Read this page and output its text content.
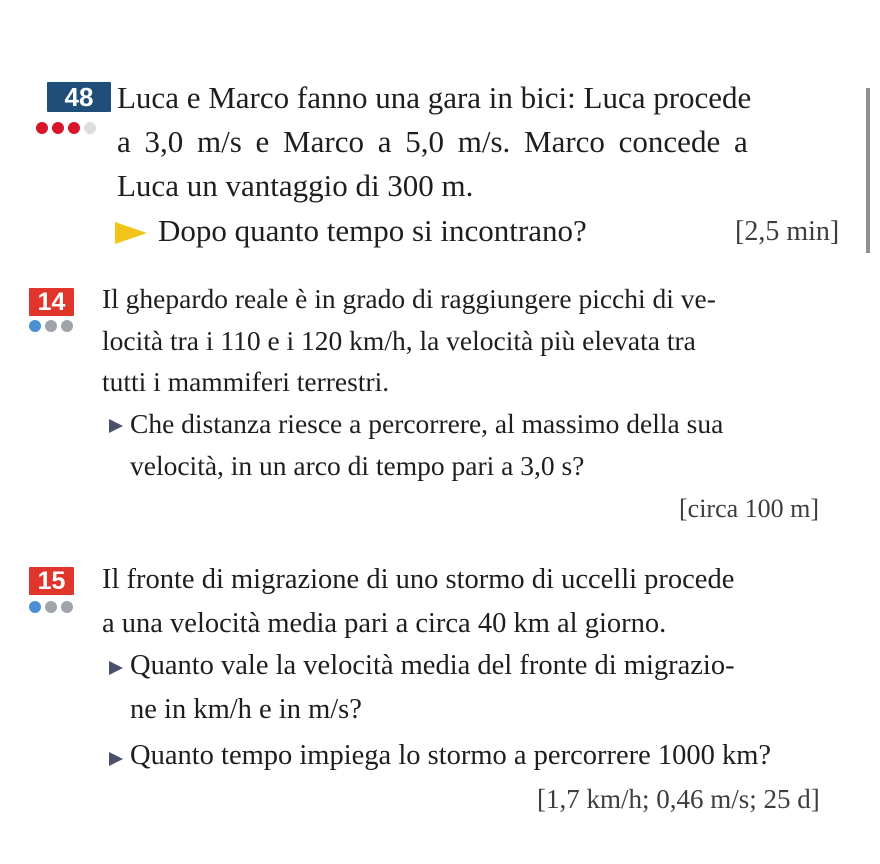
48 Luca e Marco fanno una gara in bici: Luca procede
a 3,0 m/s e Marco a 5,0 m/s. Marco concede a
Luca un vantaggio di 300 m.
Dopo quanto tempo si incontrano?	[2,5 min]
14	Il ghepardo reale è in grado di raggiungere picchi di ve-
locità tra i 110 e i 120 km/h, la velocità più elevata tra
tutti i mammiferi terrestri.
Che distanza riesce a percorrere, al massimo della sua
velocità, in un arco di tempo pari a 3,0 s?
[circa 100 m]
15	Il fronte di migrazione di uno stormo di uccelli procede
a una velocità media pari a circa 40 km al giorno.
Quanto vale la velocità media del fronte di migrazio-
ne in km/h e in m/s?
Quanto tempo impiega lo stormo a percorrere 1000 km?
[1,7 km/h; 0,46 m/s; 25 d]
